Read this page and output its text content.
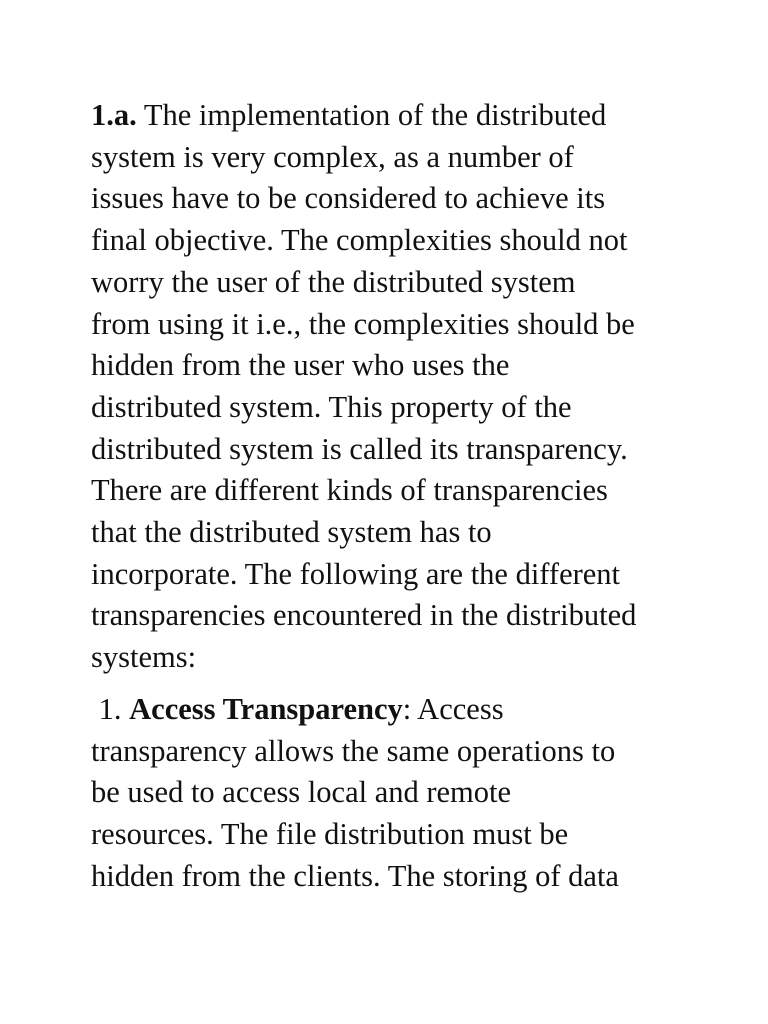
1.a. The implementation of the distributed
system is very complex, as a number of
issues have to be considered to achieve its
final objective. The complexities should not
worry the user of the distributed system
from using it i.e., the complexities should be
hidden from the user who uses the
distributed system. This property of the
distributed system is called its transparency.
There are different kinds of transparencies
that the distributed system has to
incorporate. The following are the different
transparencies encountered in the distributed
systems:
1. Access Transparency: Access
transparency allows the same operations to
be used to access local and remote
resources. The file distribution must be
hidden from the clients. The storing of data
